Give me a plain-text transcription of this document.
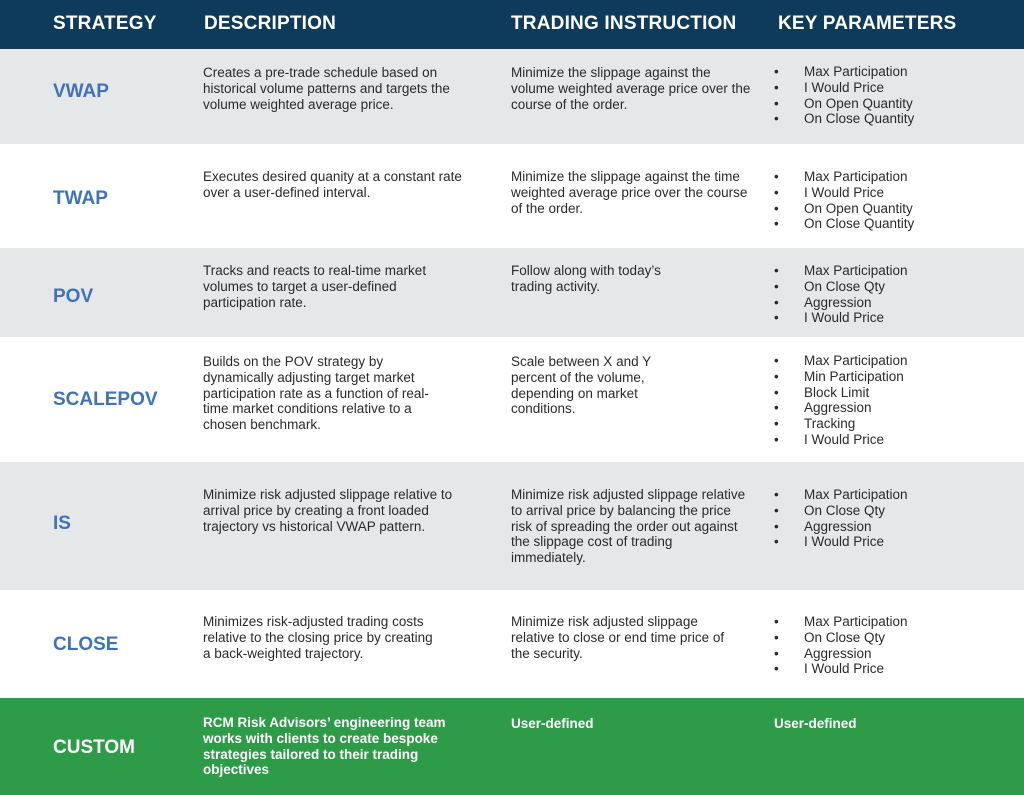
STRATEGY DESCRIPTION	TRADING INSTRUCTION KEY PARAMETERS
VWAP
Creates a pre-trade schedule based on historical volume patterns and targets the volume weighted average price.
Minimize the slippage against the volume weighted average price over the course of the order.
• Max Participation
• I Would Price
• On Open Quantity
• On Close Quantity
TWAP
Executes desired quanity at a constant rate over a user-defined interval.
Minimize the slippage against the time weighted average price over the course of the order.
• Max Participation
• I Would Price
• On Open Quantity
• On Close Quantity
POV
Tracks and reacts to real-time market volumes to target a user-defined participation rate.
Follow along with today’s trading activity.
• Max Participation
• On Close Qty
• Aggression
• I Would Price
SCALEPOV
Builds on the POV strategy by dynamically adjusting target market participation rate as a function of real-time market conditions relative to a chosen benchmark.
Scale between X and Y percent of the volume, depending on market conditions.
• Max Participation
• Min Participation
• Block Limit
• Aggression
• Tracking
• I Would Price
IS
Minimize risk adjusted slippage relative to arrival price by creating a front loaded trajectory vs historical VWAP pattern.
Minimize risk adjusted slippage relative to arrival price by balancing the price risk of spreading the order out against the slippage cost of trading immediately.
• Max Participation
• On Close Qty
• Aggression
• I Would Price
CLOSE
Minimizes risk-adjusted trading costs relative to the closing price by creating a back-weighted trajectory.
Minimize risk adjusted slippage relative to close or end time price of the security.
• Max Participation
• On Close Qty
• Aggression
• I Would Price
CUSTOM
RCM Risk Advisors’ engineering team works with clients to create bespoke strategies tailored to their trading objectives
User-defined	User-defined
